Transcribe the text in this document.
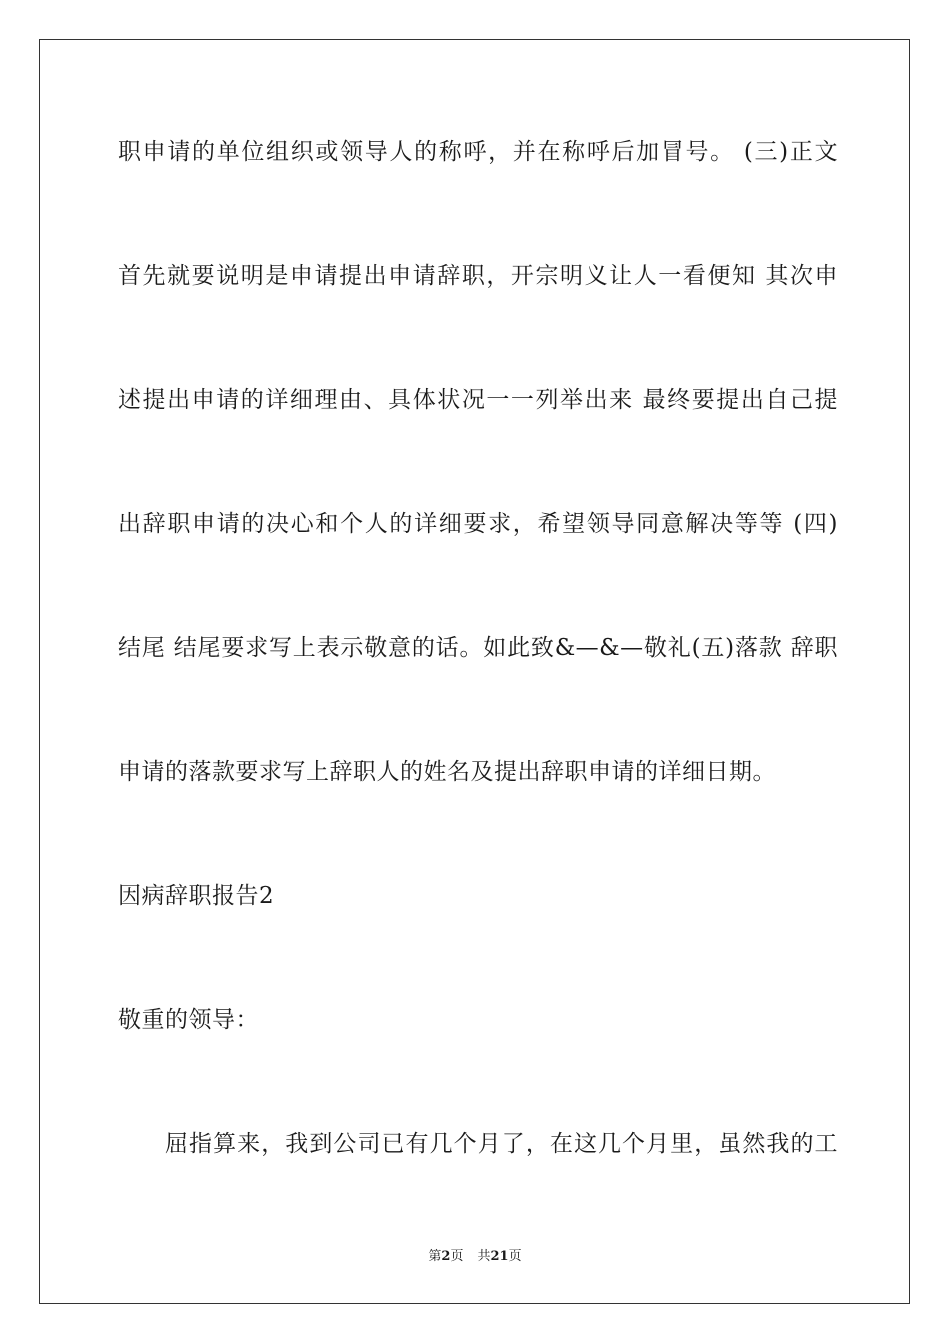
职申请的单位组织或领导人的称呼，并在称呼后加冒号。 (三)正文
首先就要说明是申请提出申请辞职，开宗明义让人一看便知 其次申
述提出申请的详细理由、具体状况一一列举出来 最终要提出自己提
出辞职申请的决心和个人的详细要求，希望领导同意解决等等 (四)
结尾 结尾要求写上表示敬意的话。如此致&—&—敬礼(五)落款 辞职
申请的落款要求写上辞职人的姓名及提出辞职申请的详细日期。
因病辞职报告2
敬重的领导：
屈指算来，我到公司已有几个月了，在这几个月里，虽然我的工
第2页 共21页
